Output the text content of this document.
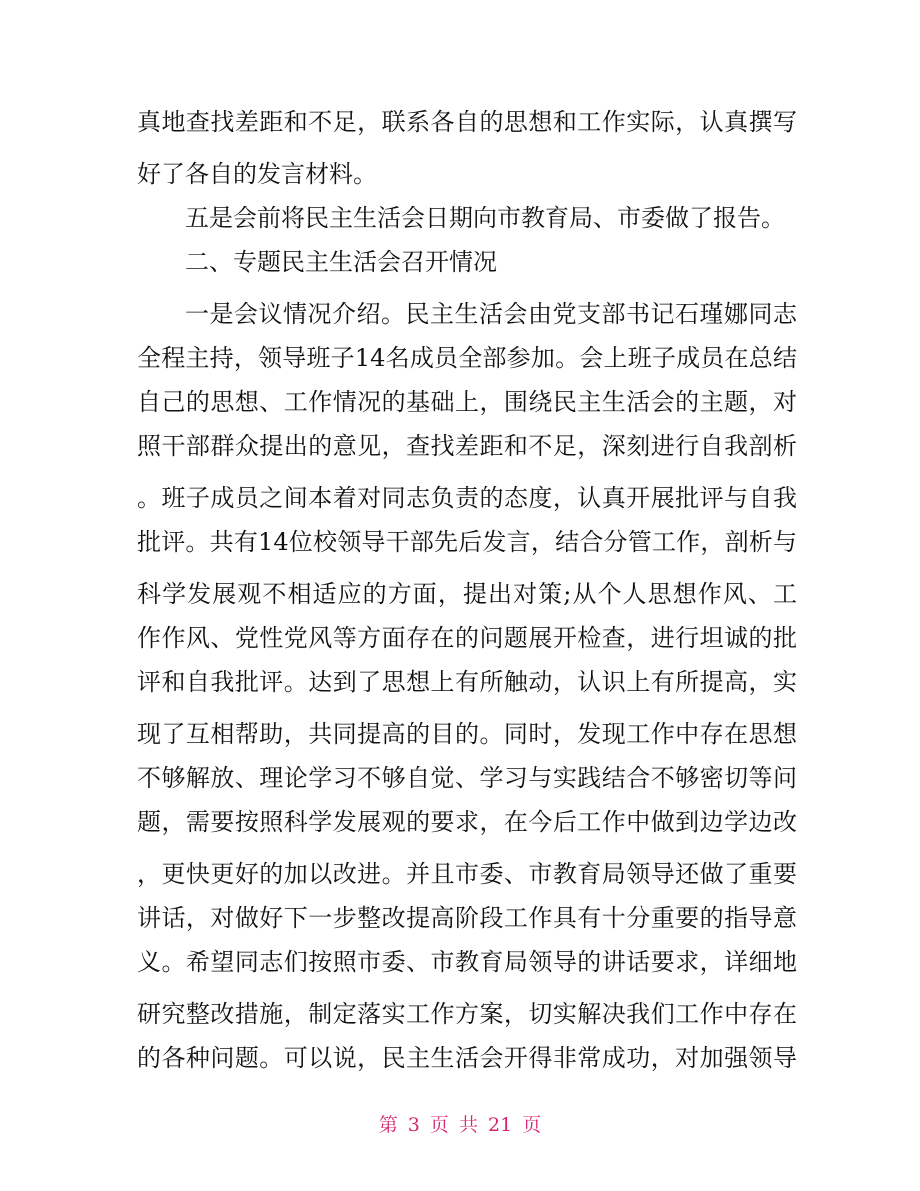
真地查找差距和不足，联系各自的思想和工作实际，认真撰写
好了各自的发言材料。
五是会前将民主生活会日期向市教育局、市委做了报告。
二、专题民主生活会召开情况
一是会议情况介绍。民主生活会由党支部书记石瑾娜同志
全程主持，领导班子14名成员全部参加。会上班子成员在总结
自己的思想、工作情况的基础上，围绕民主生活会的主题，对
照干部群众提出的意见，查找差距和不足，深刻进行自我剖析
。班子成员之间本着对同志负责的态度，认真开展批评与自我
批评。共有14位校领导干部先后发言，结合分管工作，剖析与
科学发展观不相适应的方面，提出对策;从个人思想作风、工
作作风、党性党风等方面存在的问题展开检查，进行坦诚的批
评和自我批评。达到了思想上有所触动，认识上有所提高，实
现了互相帮助，共同提高的目的。同时，发现工作中存在思想
不够解放、理论学习不够自觉、学习与实践结合不够密切等问
题，需要按照科学发展观的要求，在今后工作中做到边学边改
，更快更好的加以改进。并且市委、市教育局领导还做了重要
讲话，对做好下一步整改提高阶段工作具有十分重要的指导意
义。希望同志们按照市委、市教育局领导的讲话要求，详细地
研究整改措施，制定落实工作方案，切实解决我们工作中存在
的各种问题。可以说，民主生活会开得非常成功，对加强领导
第 3 页 共 21 页
